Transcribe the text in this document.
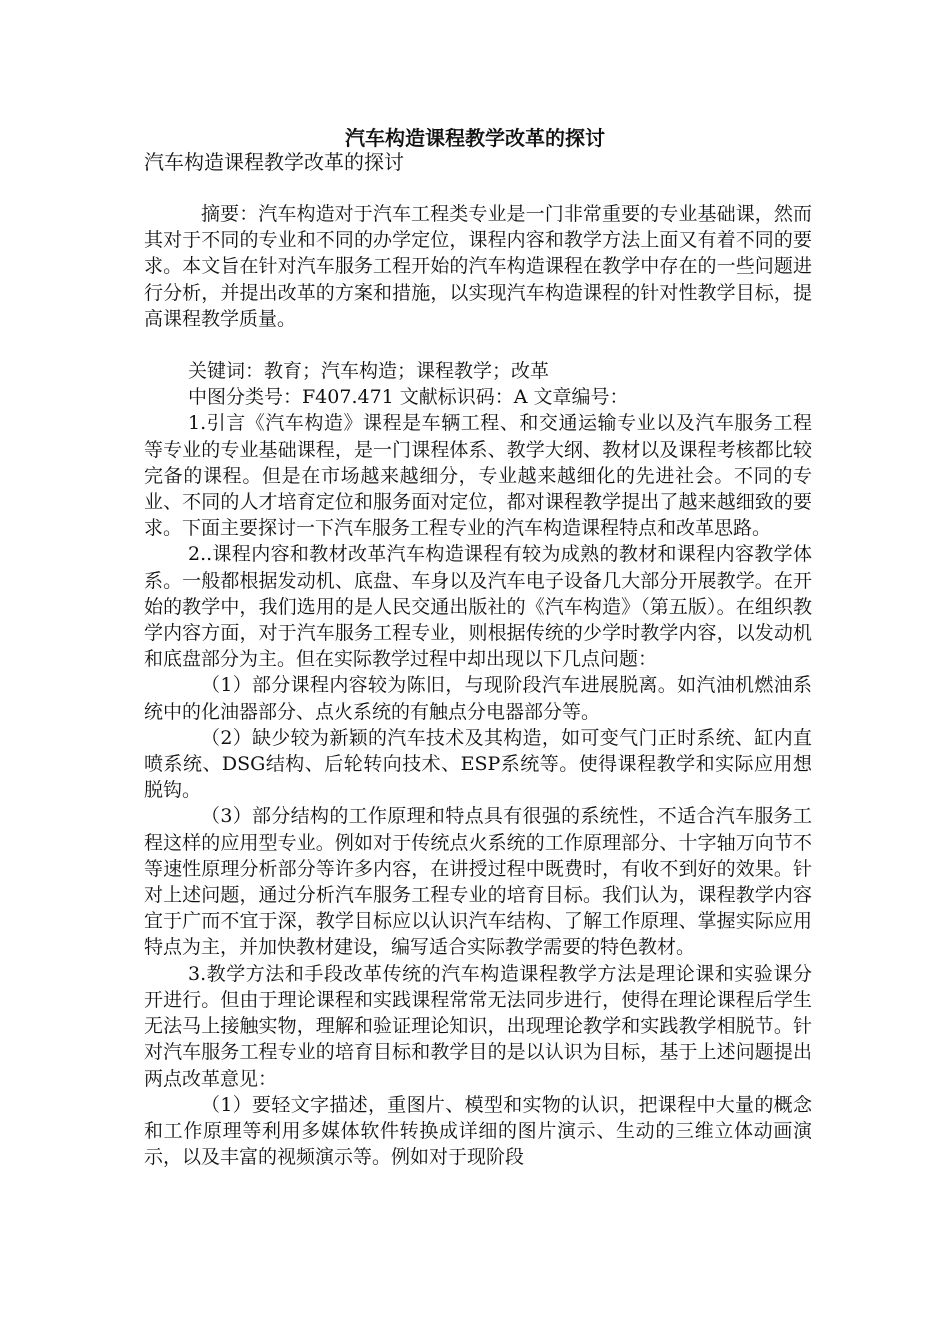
汽车构造课程教学改革的探讨
汽车构造课程教学改革的探讨

摘要：汽车构造对于汽车工程类专业是一门非常重要的专业基础课，然而其对于不同的专业和不同的办学定位，课程内容和教学方法上面又有着不同的要求。本文旨在针对汽车服务工程开始的汽车构造课程在教学中存在的一些问题进行分析，并提出改革的方案和措施，以实现汽车构造课程的针对性教学目标，提高课程教学质量。

关键词：教育；汽车构造；课程教学；改革

中图分类号：F407.471 文献标识码：A 文章编号：

1.引言《汽车构造》课程是车辆工程、和交通运输专业以及汽车服务工程等专业的专业基础课程，是一门课程体系、教学大纲、教材以及课程考核都比较完备的课程。但是在市场越来越细分，专业越来越细化的先进社会。不同的专业、不同的人才培育定位和服务面对定位，都对课程教学提出了越来越细致的要求。下面主要探讨一下汽车服务工程专业的汽车构造课程特点和改革思路。

2..课程内容和教材改革汽车构造课程有较为成熟的教材和课程内容教学体系。一般都根据发动机、底盘、车身以及汽车电子设备几大部分开展教学。在开始的教学中，我们选用的是人民交通出版社的《汽车构造》（第五版）。在组织教学内容方面，对于汽车服务工程专业，则根据传统的少学时教学内容，以发动机和底盘部分为主。但在实际教学过程中却出现以下几点问题：

（1）部分课程内容较为陈旧，与现阶段汽车进展脱离。如汽油机燃油系统中的化油器部分、点火系统的有触点分电器部分等。

（2）缺少较为新颖的汽车技术及其构造，如可变气门正时系统、缸内直喷系统、DSG结构、后轮转向技术、ESP系统等。使得课程教学和实际应用想脱钩。

（3）部分结构的工作原理和特点具有很强的系统性，不适合汽车服务工程这样的应用型专业。例如对于传统点火系统的工作原理部分、十字轴万向节不等速性原理分析部分等许多内容，在讲授过程中既费时，有收不到好的效果。针对上述问题，通过分析汽车服务工程专业的培育目标。我们认为，课程教学内容宜于广而不宜于深，教学目标应以认识汽车结构、了解工作原理、掌握实际应用特点为主，并加快教材建设，编写适合实际教学需要的特色教材。

3.教学方法和手段改革传统的汽车构造课程教学方法是理论课和实验课分开进行。但由于理论课程和实践课程常常无法同步进行，使得在理论课程后学生无法马上接触实物，理解和验证理论知识，出现理论教学和实践教学相脱节。针对汽车服务工程专业的培育目标和教学目的是以认识为目标，基于上述问题提出两点改革意见：

（1）要轻文字描述，重图片、模型和实物的认识，把课程中大量的概念和工作原理等利用多媒体软件转换成详细的图片演示、生动的三维立体动画演示，以及丰富的视频演示等。例如对于现阶段
